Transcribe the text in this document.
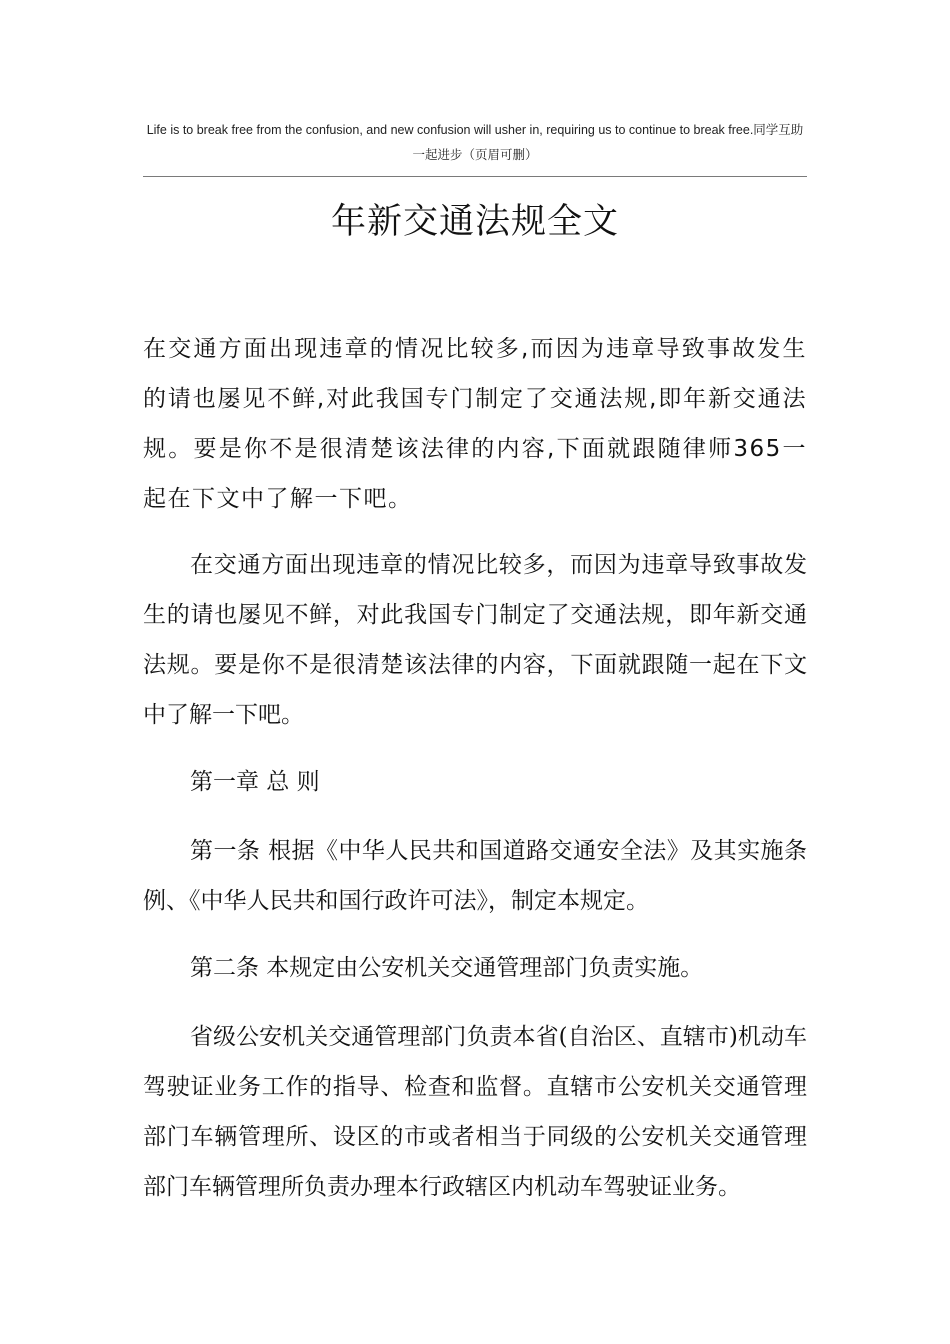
Life is to break free from the confusion, and new confusion will usher in, requiring us to continue to break free.同学互助　一起进步（页眉可删）
年新交通法规全文

在交通方面出现违章的情况比较多,而因为违章导致事故发生的请也屡见不鲜,对此我国专门制定了交通法规,即年新交通法规。要是你不是很清楚该法律的内容,下面就跟随律师365一起在下文中了解一下吧。

在交通方面出现违章的情况比较多，而因为违章导致事故发生的请也屡见不鲜，对此我国专门制定了交通法规，即年新交通法规。要是你不是很清楚该法律的内容，下面就跟随一起在下文中了解一下吧。

第一章 总 则

第一条 根据《中华人民共和国道路交通安全法》及其实施条例、《中华人民共和国行政许可法》，制定本规定。

第二条 本规定由公安机关交通管理部门负责实施。

省级公安机关交通管理部门负责本省(自治区、直辖市)机动车驾驶证业务工作的指导、检查和监督。直辖市公安机关交通管理部门车辆管理所、设区的市或者相当于同级的公安机关交通管理部门车辆管理所负责办理本行政辖区内机动车驾驶证业务。
